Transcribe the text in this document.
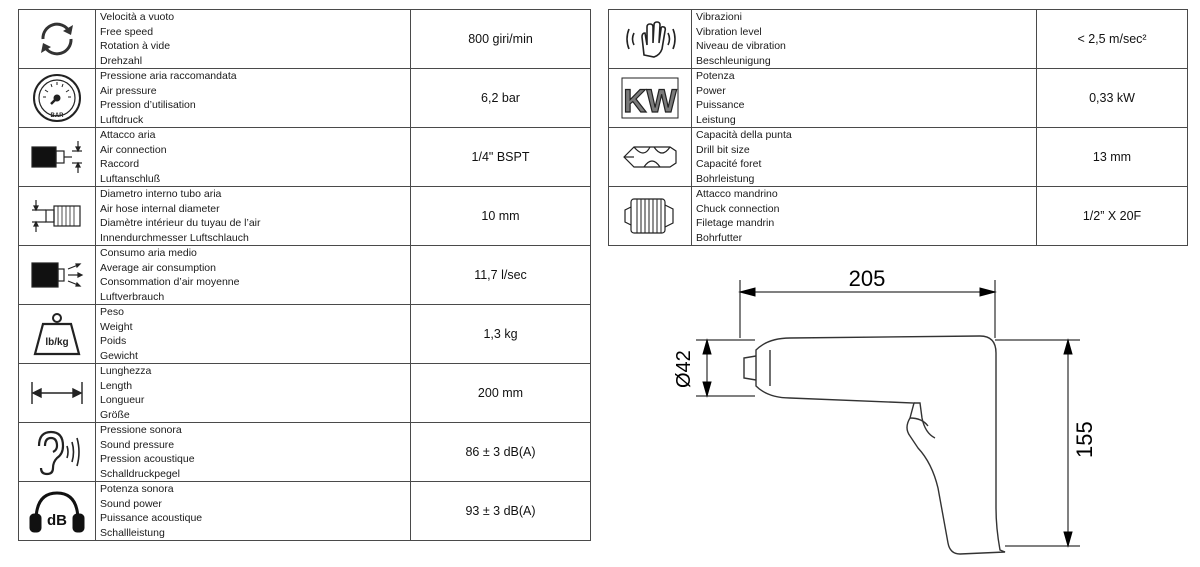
Velocità a vuoto
Free speed
Rotation à vide
Drehzahl	800 giri/min

BAR	Pressione aria raccomandata
Air pressure
Pression d’utilisation
Luftdruck	6,2 bar

Attacco aria
Air connection
Raccord
Luftanschluß	1/4" BSPT

Diametro interno tubo aria
Air hose internal diameter
Diamètre intérieur du tuyau de l’air
Innendurchmesser Luftschlauch	10 mm

Consumo aria medio
Average air consumption
Consommation d’air moyenne
Luftverbrauch	11,7 l/sec

lb/kg	Peso
Weight
Poids
Gewicht	1,3 kg

Lunghezza
Length
Longueur
Größe	200 mm

Pressione sonora
Sound pressure
Pression acoustique
Schalldruckpegel	86 ± 3 dB(A)

dB	Potenza sonora
Sound power
Puissance acoustique
Schallleistung	93 ± 3 dB(A)

Vibrazioni
Vibration level
Niveau de vibration
Beschleunigung	< 2,5 m/sec²

KW	Potenza
Power
Puissance
Leistung	0,33 kW

Capacità della punta
Drill bit size
Capacité foret
Bohrleistung	13 mm

Attacco mandrino
Chuck connection
Filetage mandrin
Bohrfutter	1/2” X 20F
205
Ø42
155
